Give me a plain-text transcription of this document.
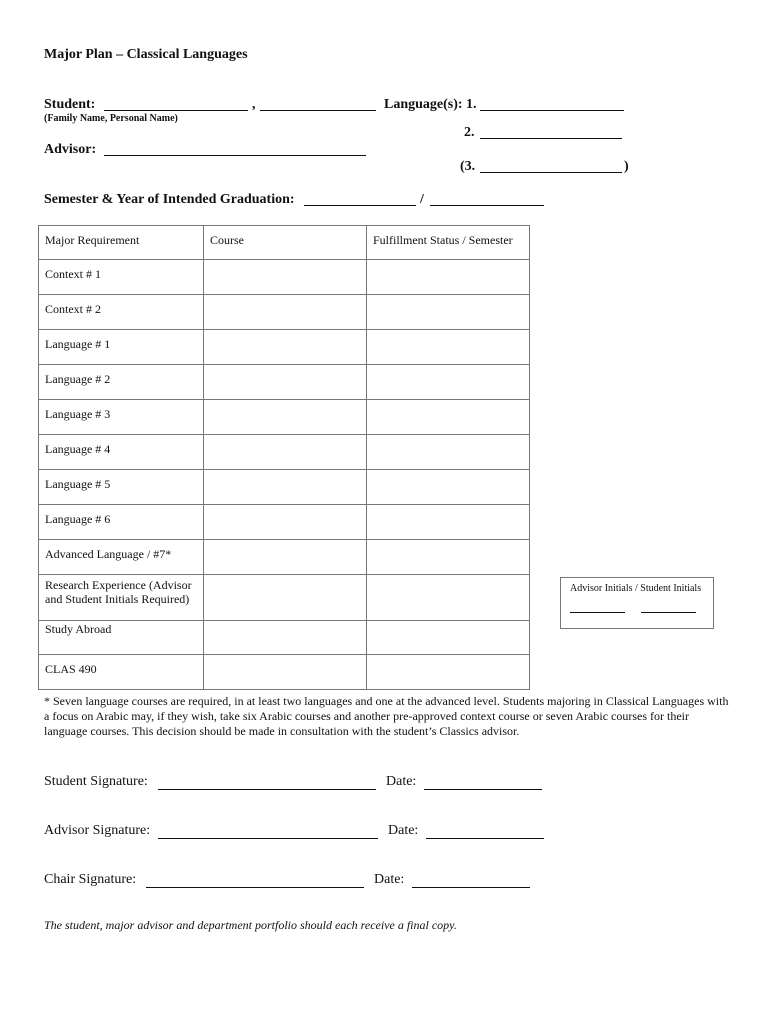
Major Plan – Classical Languages
Student:	,
(Family Name, Personal Name)
Language(s): 1.
2.
Advisor:
(3.	)
Semester & Year of Intended Graduation:	/
Major Requirement	Course	Fulfillment Status / Semester
Context # 1		
Context # 2		
Language # 1		
Language # 2		
Language # 3		
Language # 4		
Language # 5		
Language # 6		
Advanced Language / #7*		
Research Experience (Advisor and Student Initials Required)		
Study Abroad		
CLAS 490		
Advisor Initials / Student Initials
* Seven language courses are required, in at least two languages and one at the advanced level. Students majoring in Classical Languages with a focus on Arabic may, if they wish, take six Arabic courses and another pre-approved context course or seven Arabic courses for their language courses. This decision should be made in consultation with the student’s Classics advisor.
Student Signature:	Date:
Advisor Signature:	Date:
Chair Signature:	Date:
The student, major advisor and department portfolio should each receive a final copy.
